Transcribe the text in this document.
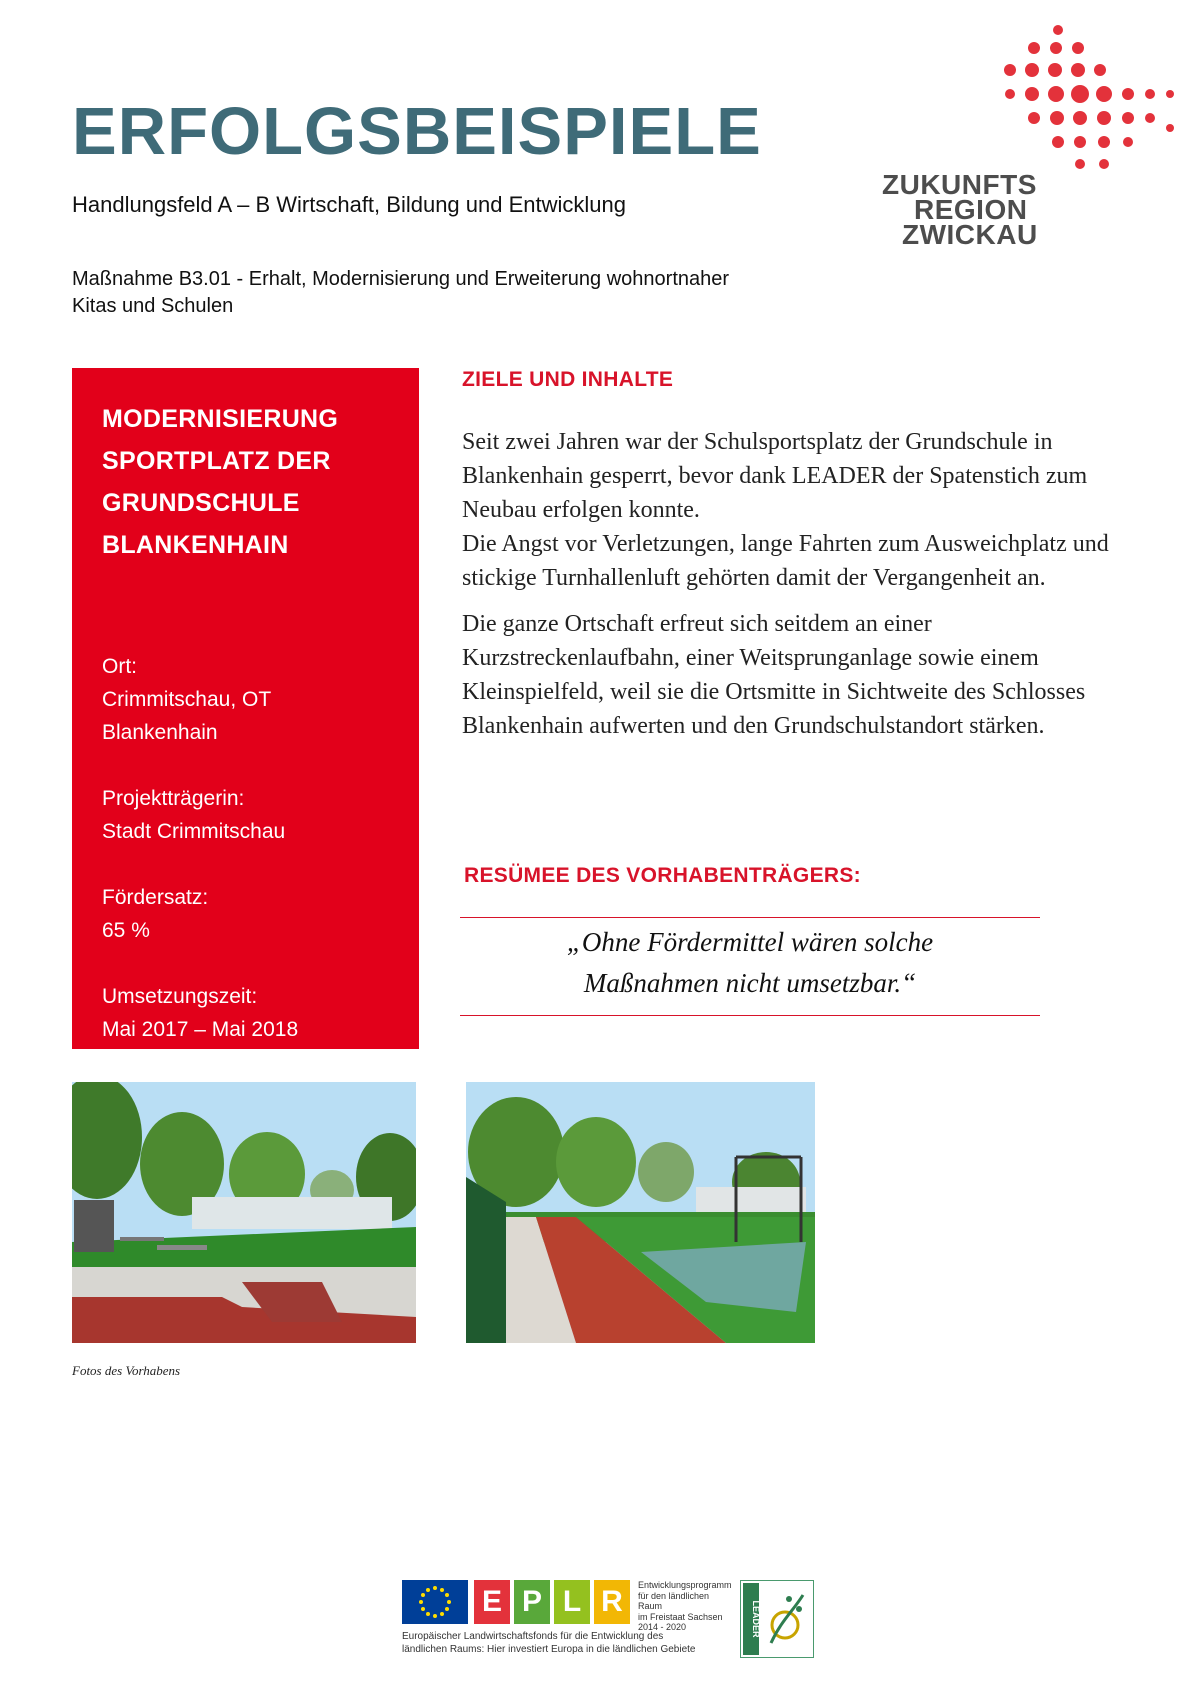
ERFOLGSBEISPIELE
Handlungsfeld A – B Wirtschaft, Bildung und Entwicklung
Maßnahme B3.01 - Erhalt, Modernisierung und Erweiterung wohnortnaher
Kitas und Schulen
ZUKUNFTS
REGION
ZWICKAU
MODERNISIERUNG
SPORTPLATZ DER
GRUNDSCHULE
BLANKENHAIN
Ort:
Crimmitschau, OT
Blankenhain
Projektträgerin:
Stadt Crimmitschau
Fördersatz:
65 %
Umsetzungszeit:
Mai 2017 – Mai 2018
ZIELE UND INHALTE

Seit zwei Jahren war der Schulsportsplatz der Grundschule in Blankenhain gesperrt, bevor dank LEADER der Spatenstich zum Neubau erfolgen konnte.

Die Angst vor Verletzungen, lange Fahrten zum Ausweichplatz und stickige Turnhallenluft gehörten damit der Vergangenheit an.

Die ganze Ortschaft erfreut sich seitdem an einer Kurzstreckenlaufbahn, einer Weitsprunganlage sowie einem Kleinspielfeld, weil sie die Ortsmitte in Sichtweite des Schlosses Blankenhain aufwerten und den Grundschulstandort stärken.

RESÜMEE DES VORHABENTRÄGERS:
„Ohne Fördermittel wären solche
Maßnahmen nicht umsetzbar.“
Fotos des Vorhabens
E P L R	Entwicklungsprogramm
für den ländlichen Raum
im Freistaat Sachsen
2014 - 2020
Europäischer Landwirtschaftsfonds für die Entwicklung des
ländlichen Raums: Hier investiert Europa in die ländlichen Gebiete
LEADER
